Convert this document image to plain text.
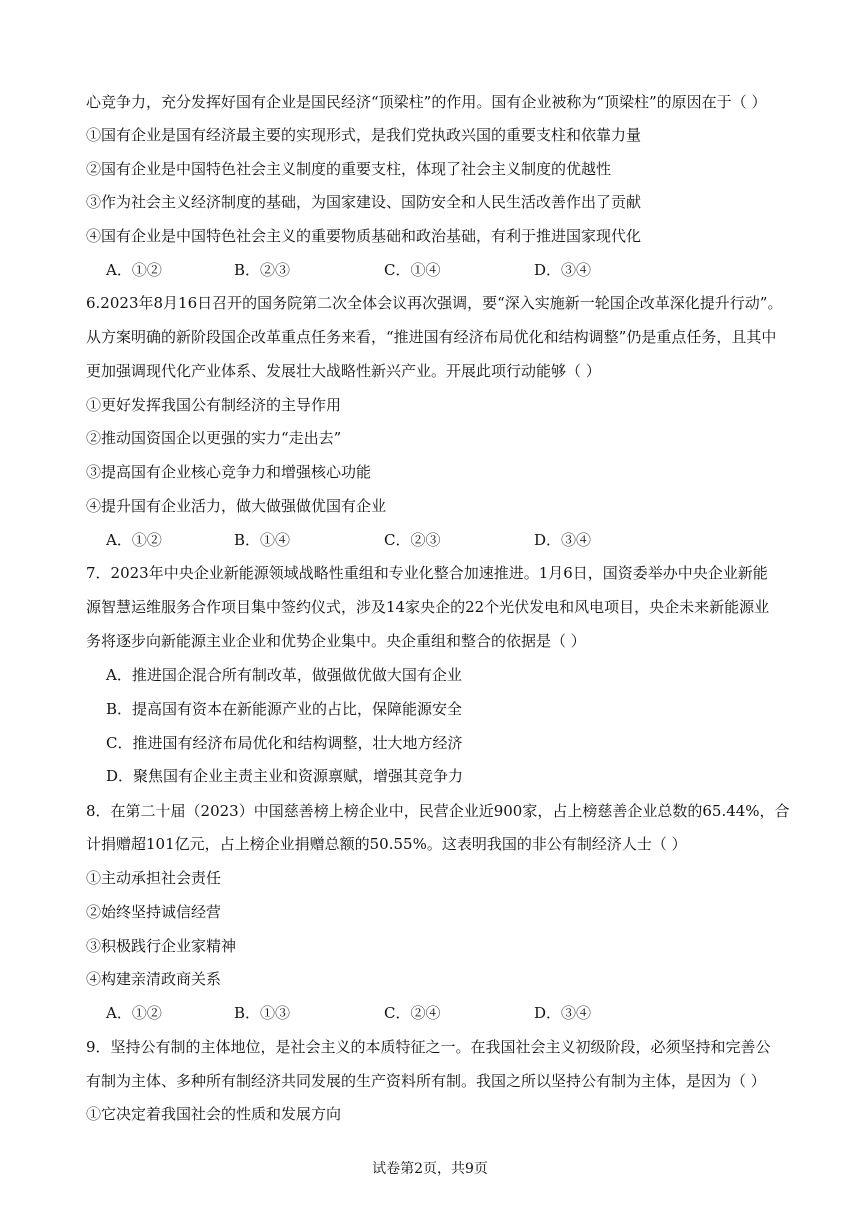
心竞争力，充分发挥好国有企业是国民经济“顶梁柱”的作用。国有企业被称为“顶梁柱”的原因在于（ ）
①国有企业是国有经济最主要的实现形式，是我们党执政兴国的重要支柱和依靠力量
②国有企业是中国特色社会主义制度的重要支柱，体现了社会主义制度的优越性
③作为社会主义经济制度的基础，为国家建设、国防安全和人民生活改善作出了贡献
④国有企业是中国特色社会主义的重要物质基础和政治基础，有利于推进国家现代化
A．①②	B．②③	C．①④	D．③④
6.2023年8月16日召开的国务院第二次全体会议再次强调，要“深入实施新一轮国企改革深化提升行动”。
从方案明确的新阶段国企改革重点任务来看，“推进国有经济布局优化和结构调整”仍是重点任务，且其中
更加强调现代化产业体系、发展壮大战略性新兴产业。开展此项行动能够（ ）
①更好发挥我国公有制经济的主导作用
②推动国资国企以更强的实力“走出去”
③提高国有企业核心竞争力和增强核心功能
④提升国有企业活力，做大做强做优国有企业
A．①②	B．①④	C．②③	D．③④
7．2023年中央企业新能源领域战略性重组和专业化整合加速推进。1月6日，国资委举办中央企业新能
源智慧运维服务合作项目集中签约仪式，涉及14家央企的22个光伏发电和风电项目，央企未来新能源业
务将逐步向新能源主业企业和优势企业集中。央企重组和整合的依据是（ ）
A．推进国企混合所有制改革，做强做优做大国有企业
B．提高国有资本在新能源产业的占比，保障能源安全
C．推进国有经济布局优化和结构调整，壮大地方经济
D．聚焦国有企业主责主业和资源禀赋，增强其竞争力
8．在第二十届（2023）中国慈善榜上榜企业中，民营企业近900家，占上榜慈善企业总数的65.44%，合
计捐赠超101亿元，占上榜企业捐赠总额的50.55%。这表明我国的非公有制经济人士（ ）
①主动承担社会责任
②始终坚持诚信经营
③积极践行企业家精神
④构建亲清政商关系
A．①②	B．①③	C．②④	D．③④
9．坚持公有制的主体地位，是社会主义的本质特征之一。在我国社会主义初级阶段，必须坚持和完善公
有制为主体、多种所有制经济共同发展的生产资料所有制。我国之所以坚持公有制为主体，是因为（ ）
①它决定着我国社会的性质和发展方向
试卷第2页，共9页
